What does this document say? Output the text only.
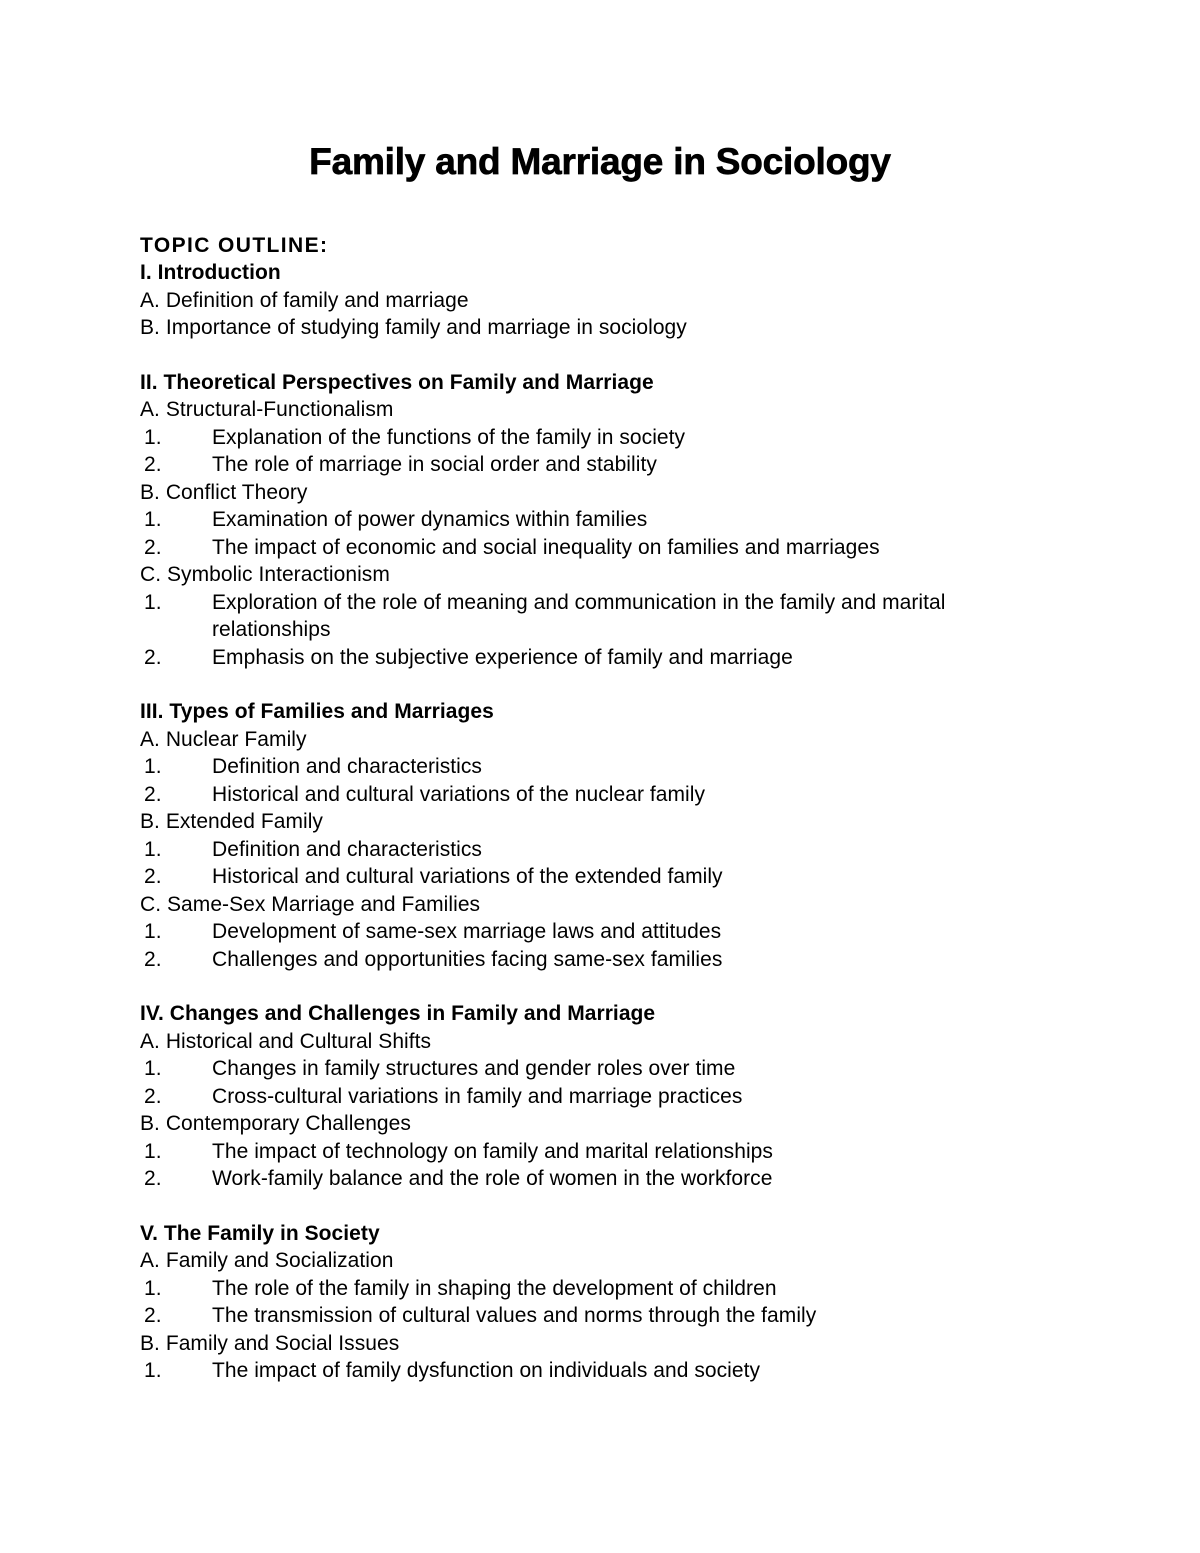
Family and Marriage in Sociology
TOPIC OUTLINE:
I. Introduction
A. Definition of family and marriage
B. Importance of studying family and marriage in sociology
II. Theoretical Perspectives on Family and Marriage
A. Structural-Functionalism
1. Explanation of the functions of the family in society
2. The role of marriage in social order and stability
B. Conflict Theory
1. Examination of power dynamics within families
2. The impact of economic and social inequality on families and marriages
C. Symbolic Interactionism
1. Exploration of the role of meaning and communication in the family and marital relationships
2. Emphasis on the subjective experience of family and marriage
III. Types of Families and Marriages
A. Nuclear Family
1. Definition and characteristics
2. Historical and cultural variations of the nuclear family
B. Extended Family
1. Definition and characteristics
2. Historical and cultural variations of the extended family
C. Same-Sex Marriage and Families
1. Development of same-sex marriage laws and attitudes
2. Challenges and opportunities facing same-sex families
IV. Changes and Challenges in Family and Marriage
A. Historical and Cultural Shifts
1. Changes in family structures and gender roles over time
2. Cross-cultural variations in family and marriage practices
B. Contemporary Challenges
1. The impact of technology on family and marital relationships
2. Work-family balance and the role of women in the workforce
V. The Family in Society
A. Family and Socialization
1. The role of the family in shaping the development of children
2. The transmission of cultural values and norms through the family
B. Family and Social Issues
1. The impact of family dysfunction on individuals and society
